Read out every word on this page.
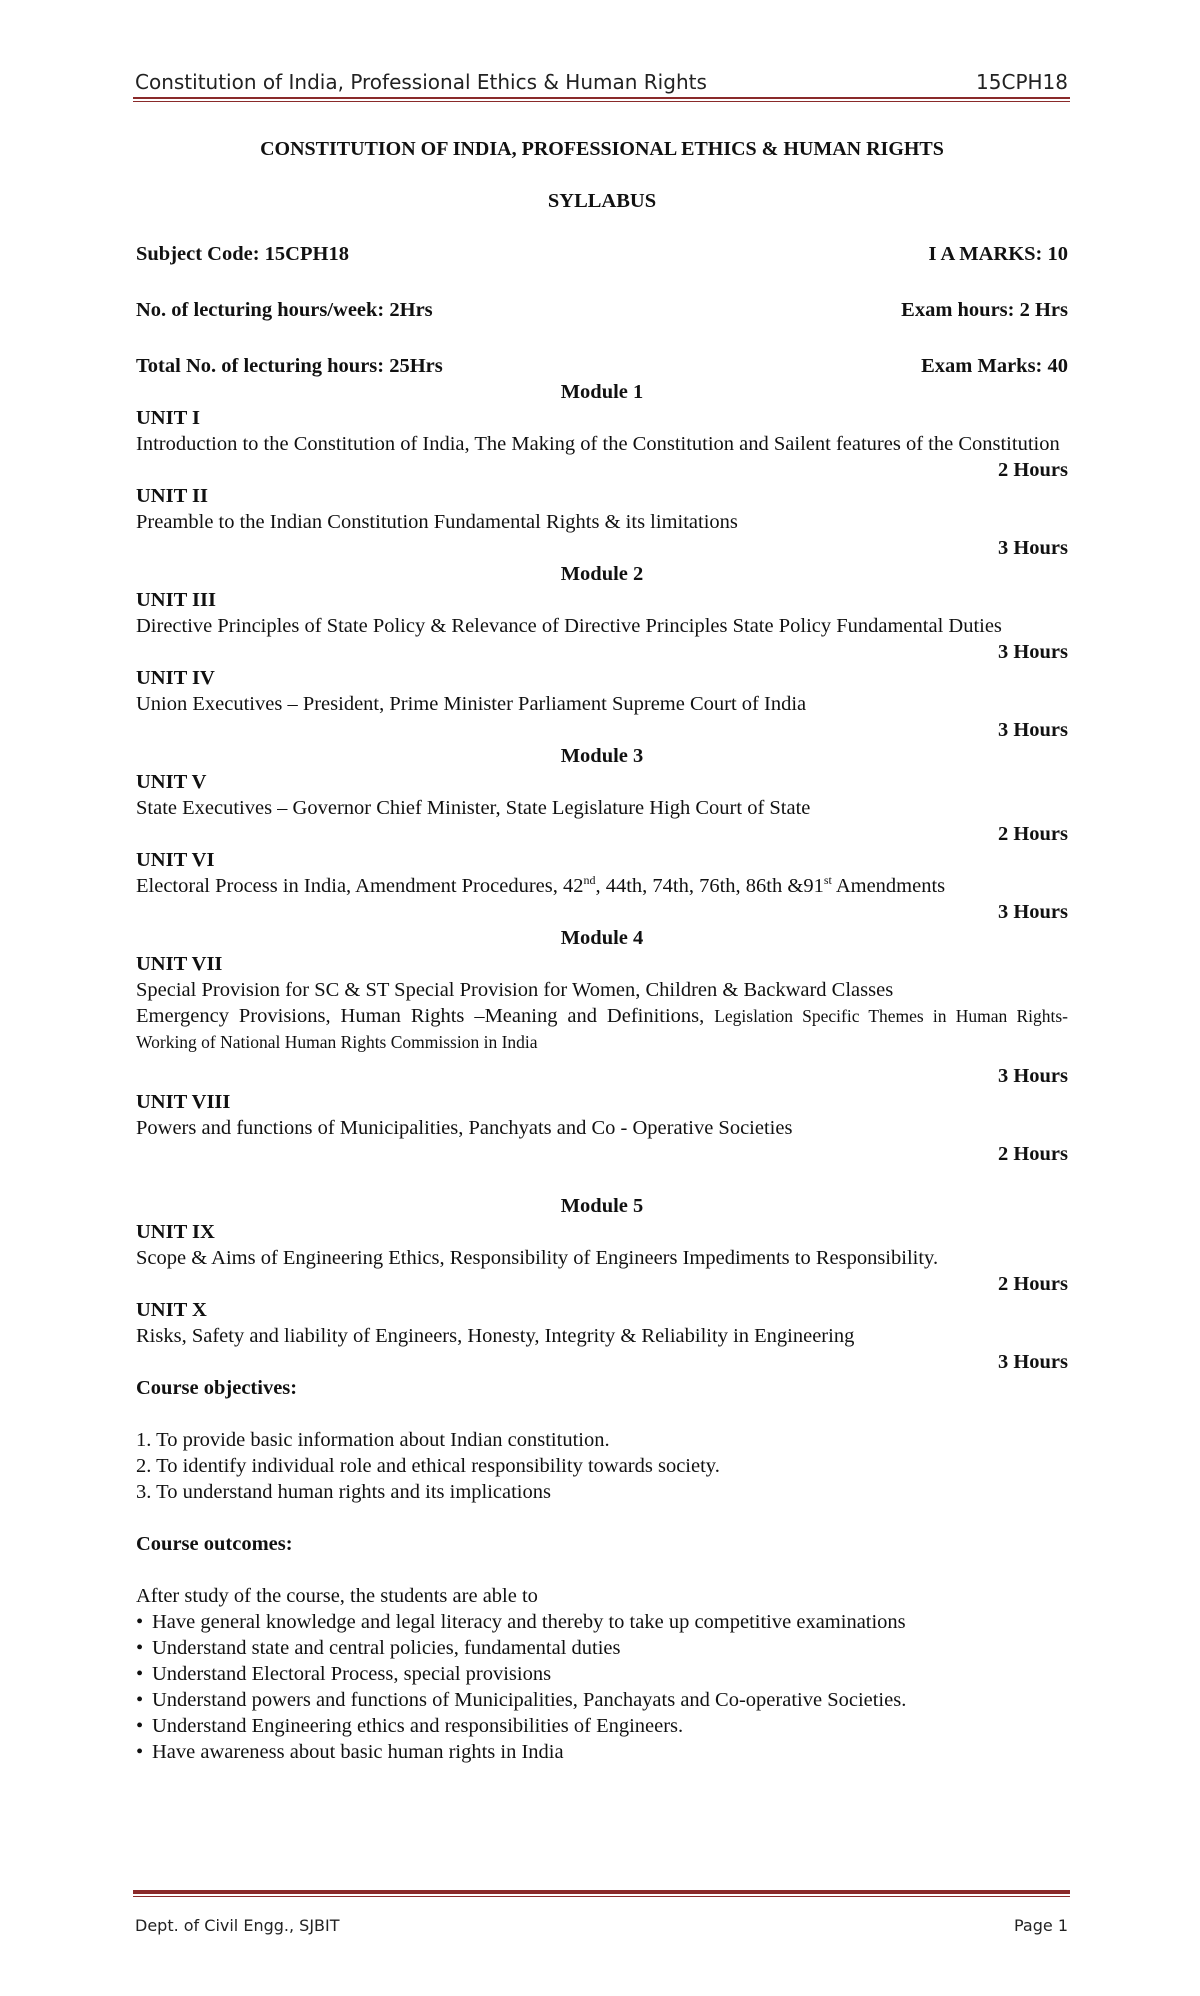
Constitution of India, Professional Ethics & Human Rights	15CPH18
CONSTITUTION OF INDIA, PROFESSIONAL ETHICS & HUMAN RIGHTS
SYLLABUS
Subject Code: 15CPH18	I A MARKS: 10
No. of lecturing hours/week: 2Hrs	Exam hours: 2 Hrs
Total No. of lecturing hours: 25Hrs	Exam Marks: 40
Module 1
UNIT I
Introduction to the Constitution of India, The Making of the Constitution and Sailent features of the Constitution
2 Hours
UNIT II
Preamble to the Indian Constitution Fundamental Rights & its limitations
3 Hours
Module 2
UNIT III
Directive Principles of State Policy & Relevance of Directive Principles State Policy Fundamental Duties
3 Hours
UNIT IV
Union Executives – President, Prime Minister Parliament Supreme Court of India
3 Hours
Module 3
UNIT V
State Executives – Governor Chief Minister, State Legislature High Court of State
2 Hours
UNIT VI
Electoral Process in India, Amendment Procedures, 42nd, 44th, 74th, 76th, 86th &91st Amendments
3 Hours
Module 4
UNIT VII
Special Provision for SC & ST Special Provision for Women, Children & Backward Classes
Emergency Provisions, Human Rights –Meaning and Definitions, Legislation Specific Themes in Human Rights- Working of National Human Rights Commission in India
3 Hours
UNIT VIII
Powers and functions of Municipalities, Panchyats and Co - Operative Societies
2 Hours
Module 5
UNIT IX
Scope & Aims of Engineering Ethics, Responsibility of Engineers Impediments to Responsibility.
2 Hours
UNIT X
Risks, Safety and liability of Engineers, Honesty, Integrity & Reliability in Engineering
3 Hours
Course objectives:
1. To provide basic information about Indian constitution.
2. To identify individual role and ethical responsibility towards society.
3. To understand human rights and its implications
Course outcomes:
After study of the course, the students are able to
• Have general knowledge and legal literacy and thereby to take up competitive examinations
• Understand state and central policies, fundamental duties
• Understand Electoral Process, special provisions
• Understand powers and functions of Municipalities, Panchayats and Co-operative Societies.
• Understand Engineering ethics and responsibilities of Engineers.
• Have awareness about basic human rights in India
Dept. of Civil Engg., SJBIT	Page 1
